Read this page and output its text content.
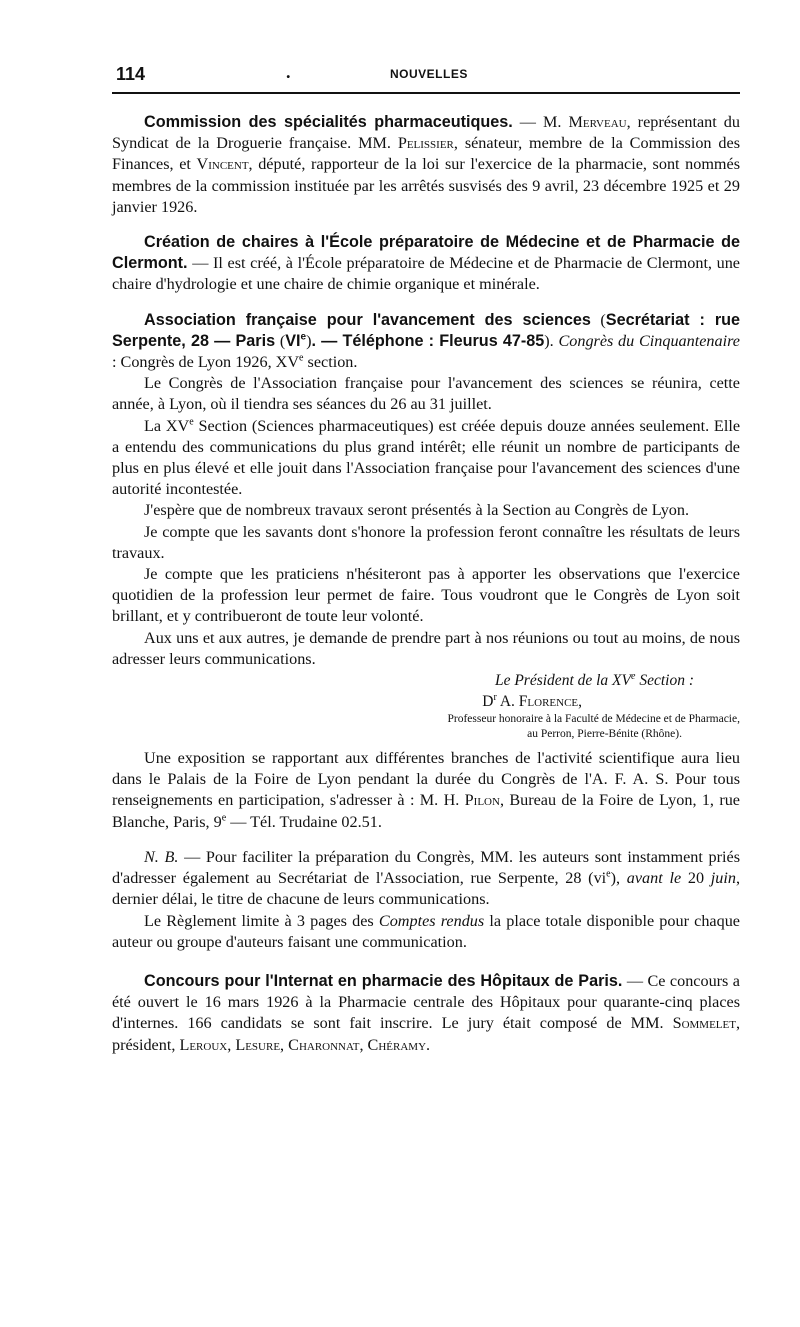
114	.	NOUVELLES

Commission des spécialités pharmaceutiques. — M. Merveau, représentant du Syndicat de la Droguerie française. MM. Pelissier, sénateur, membre de la Commission des Finances, et Vincent, député, rapporteur de la loi sur l'exercice de la pharmacie, sont nommés membres de la commission instituée par les arrêtés susvisés des 9 avril, 23 décembre 1925 et 29 janvier 1926.

Création de chaires à l'École préparatoire de Médecine et de Pharmacie de Clermont. — Il est créé, à l'École préparatoire de Médecine et de Pharmacie de Clermont, une chaire d'hydrologie et une chaire de chimie organique et minérale.

Association française pour l'avancement des sciences (Secrétariat : rue Serpente, 28 — Paris (VIe). — Téléphone : Fleurus 47-85). Congrès du Cinquantenaire : Congrès de Lyon 1926, XVe section.

Le Congrès de l'Association française pour l'avancement des sciences se réunira, cette année, à Lyon, où il tiendra ses séances du 26 au 31 juillet.

La XVe Section (Sciences pharmaceutiques) est créée depuis douze années seulement. Elle a entendu des communications du plus grand intérêt; elle réunit un nombre de participants de plus en plus élevé et elle jouit dans l'Association française pour l'avancement des sciences d'une autorité incontestée.

J'espère que de nombreux travaux seront présentés à la Section au Congrès de Lyon.

Je compte que les savants dont s'honore la profession feront connaître les résultats de leurs travaux.

Je compte que les praticiens n'hésiteront pas à apporter les observations que l'exercice quotidien de la profession leur permet de faire. Tous voudront que le Congrès de Lyon soit brillant, et y contribueront de toute leur volonté.

Aux uns et aux autres, je demande de prendre part à nos réunions ou tout au moins, de nous adresser leurs communications.

Le Président de la XVe Section :
$D^r$ A. Florence,
Professeur honoraire à la Faculté de Médecine et de Pharmacie,
au Perron, Pierre-Bénite (Rhône).

Une exposition se rapportant aux différentes branches de l'activité scientifique aura lieu dans le Palais de la Foire de Lyon pendant la durée du Congrès de l'A. F. A. S. Pour tous renseignements en participation, s'adresser à : M. H. Pilon, Bureau de la Foire de Lyon, 1, rue Blanche, Paris, 9e — Tél. Trudaine 02.51.

N. B. — Pour faciliter la préparation du Congrès, MM. les auteurs sont instamment priés d'adresser également au Secrétariat de l'Association, rue Serpente, 28 $(vi^e)$, avant le 20 juin, dernier délai, le titre de chacune de leurs communications.

Le Règlement limite à 3 pages des Comptes rendus la place totale disponible pour chaque auteur ou groupe d'auteurs faisant une communication.

Concours pour l'Internat en pharmacie des Hôpitaux de Paris. — Ce concours a été ouvert le 16 mars 1926 à la Pharmacie centrale des Hôpitaux pour quarante-cinq places d'internes. 166 candidats se sont fait inscrire. Le jury était composé de MM. Sommelet, président, Leroux, Lesure, Charonnat, Chéramy.
